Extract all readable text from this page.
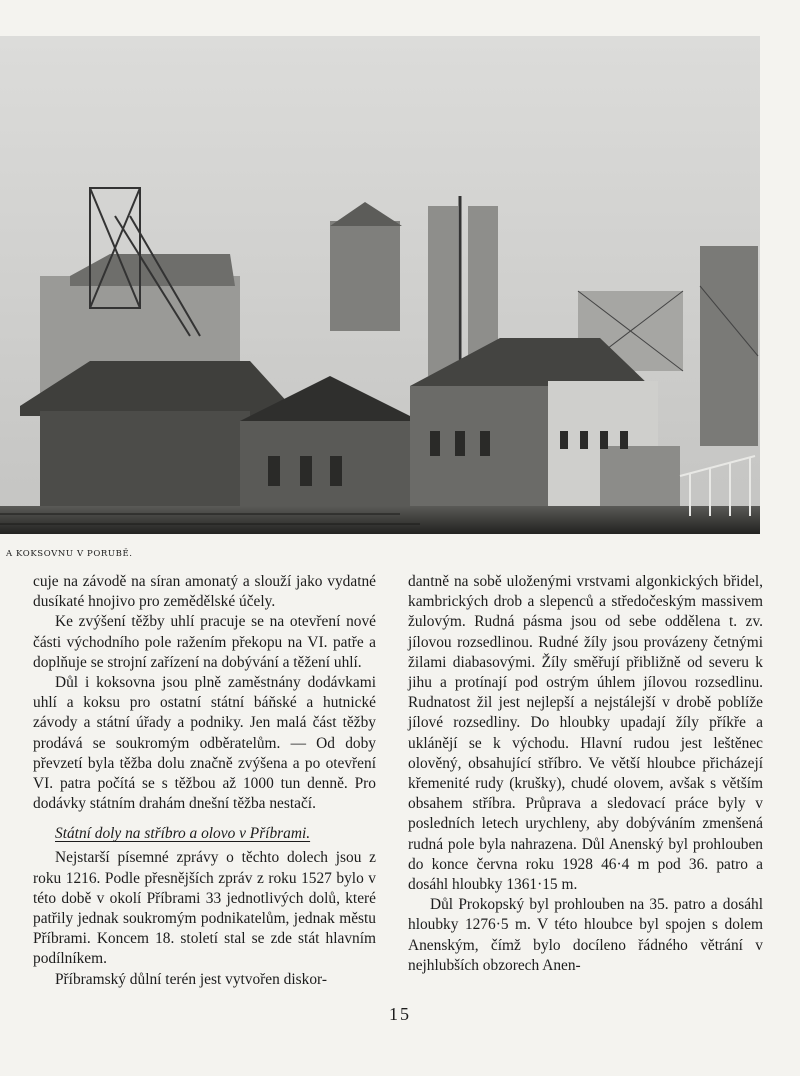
A KOKSOVNU V PORUBĚ.

cuje na závodě na síran amonatý a slouží jako vydatné dusíkaté hnojivo pro zemědělské účely.

Ke zvýšení těžby uhlí pracuje se na otevření nové části východního pole ražením překopu na VI. patře a doplňuje se strojní zařízení na dobývání a těžení uhlí.

Důl i koksovna jsou plně zaměstnány dodávkami uhlí a koksu pro ostatní státní báňské a hutnické závody a státní úřady a podniky. Jen malá část těžby prodává se soukromým odběratelům. — Od doby převzetí byla těžba dolu značně zvýšena a po otevření VI. patra počítá se s těžbou až 1000 tun denně. Pro dodávky státním drahám dnešní těžba nestačí.

Státní doly na stříbro a olovo v Příbrami.

Nejstarší písemné zprávy o těchto dolech jsou z roku 1216. Podle přesnějších zpráv z roku 1527 bylo v této době v okolí Příbrami 33 jednotlivých dolů, které patřily jednak soukromým podnikatelům, jednak městu Příbrami. Koncem 18. století stal se zde stát hlavním podílníkem.

Příbramský důlní terén jest vytvořen diskor-

dantně na sobě uloženými vrstvami algonkických břidel, kambrických drob a slepenců a středočeským massivem žulovým. Rudná pásma jsou od sebe oddělena t. zv. jílovou rozsedlinou. Rudné žíly jsou provázeny četnými žilami diabasovými. Žíly směřují přibližně od severu k jihu a protínají pod ostrým úhlem jílovou rozsedlinu. Rudnatost žil jest nejlepší a nejstálejší v drobě poblíže jílové rozsedliny. Do hloubky upadají žíly příkře a uklánějí se k východu. Hlavní rudou jest leštěnec olověný, obsahující stříbro. Ve větší hloubce přicházejí křemenité rudy (krušky), chudé olovem, avšak s větším obsahem stříbra. Průprava a sledovací práce byly v posledních letech urychleny, aby dobýváním zmenšená rudná pole byla nahrazena. Důl Anenský byl prohlouben do konce června roku 1928 46·4 m pod 36. patro a dosáhl hloubky 1361·15 m.

Důl Prokopský byl prohlouben na 35. patro a dosáhl hloubky 1276·5 m. V této hloubce byl spojen s dolem Anenským, čímž bylo docíleno řádného větrání v nejhlubších obzorech Anen-

15
